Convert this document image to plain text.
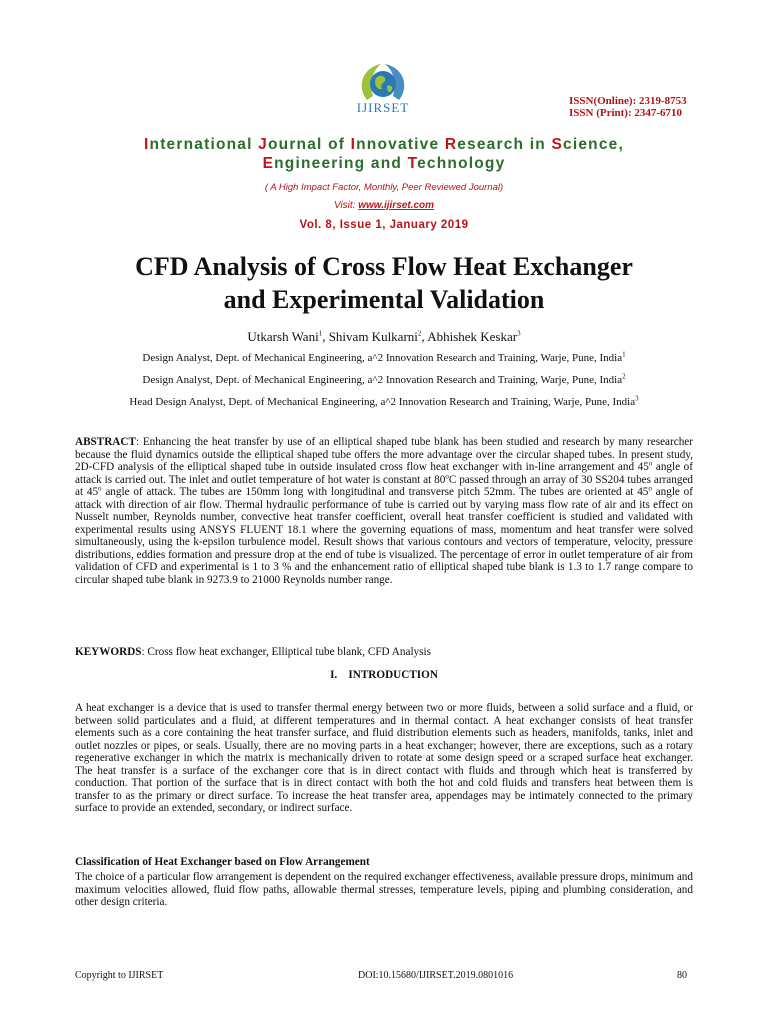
IJIRSET	ISSN(Online): 2319-8753
ISSN (Print): 2347-6710
International Journal of Innovative Research in Science,
Engineering and Technology
( A High Impact Factor, Monthly, Peer Reviewed Journal)
Visit: www.ijirset.com
Vol. 8, Issue 1, January 2019
CFD Analysis of Cross Flow Heat Exchanger
and Experimental Validation
Utkarsh Wani$^1$, Shivam Kulkarni$^2$, Abhishek Keskar$^3$
Design Analyst, Dept. of Mechanical Engineering, a^2 Innovation Research and Training, Warje, Pune, India$^1$
Design Analyst, Dept. of Mechanical Engineering, a^2 Innovation Research and Training, Warje, Pune, India$^2$
Head Design Analyst, Dept. of Mechanical Engineering, a^2 Innovation Research and Training, Warje, Pune, India$^3$
ABSTRACT: Enhancing the heat transfer by use of an elliptical shaped tube blank has been studied and research by many researcher because the fluid dynamics outside the elliptical shaped tube offers the more advantage over the circular shaped tubes. In present study, 2D-CFD analysis of the elliptical shaped tube in outside insulated cross flow heat exchanger with in-line arrangement and 45$^o$ angle of attack is carried out. The inlet and outlet temperature of hot water is constant at 80$^o$C passed through an array of 30 SS204 tubes arranged at 45$^o$ angle of attack. The tubes are 150mm long with longitudinal and transverse pitch 52mm. The tubes are oriented at 45$^o$ angle of attack with direction of air flow. Thermal hydraulic performance of tube is carried out by varying mass flow rate of air and its effect on Nusselt number, Reynolds number, convective heat transfer coefficient, overall heat transfer coefficient is studied and validated with experimental results using ANSYS FLUENT 18.1 where the governing equations of mass, momentum and heat transfer were solved simultaneously, using the k-epsilon turbulence model. Result shows that various contours and vectors of temperature, velocity, pressure distributions, eddies formation and pressure drop at the end of tube is visualized. The percentage of error in outlet temperature of air from validation of CFD and experimental is 1 to 3 % and the enhancement ratio of elliptical shaped tube blank is 1.3 to 1.7 range compare to circular shaped tube blank in 9273.9 to 21000 Reynolds number range.
KEYWORDS: Cross flow heat exchanger, Elliptical tube blank, CFD Analysis
I.    INTRODUCTION
A heat exchanger is a device that is used to transfer thermal energy between two or more fluids, between a solid surface and a fluid, or between solid particulates and a fluid, at different temperatures and in thermal contact. A heat exchanger consists of heat transfer elements such as a core containing the heat transfer surface, and fluid distribution elements such as headers, manifolds, tanks, inlet and outlet nozzles or pipes, or seals. Usually, there are no moving parts in a heat exchanger; however, there are exceptions, such as a rotary regenerative exchanger in which the matrix is mechanically driven to rotate at some design speed or a scraped surface heat exchanger. The heat transfer is a surface of the exchanger core that is in direct contact with fluids and through which heat is transferred by conduction. That portion of the surface that is in direct contact with both the hot and cold fluids and transfers heat between them is transfer to as the primary or direct surface. To increase the heat transfer area, appendages may be intimately connected to the primary surface to provide an extended, secondary, or indirect surface.
Classification of Heat Exchanger based on Flow Arrangement
The choice of a particular flow arrangement is dependent on the required exchanger effectiveness, available pressure drops, minimum and maximum velocities allowed, fluid flow paths, allowable thermal stresses, temperature levels, piping and plumbing consideration, and other design criteria.
Copyright to IJIRSET	DOI:10.15680/IJIRSET.2019.0801016	80
